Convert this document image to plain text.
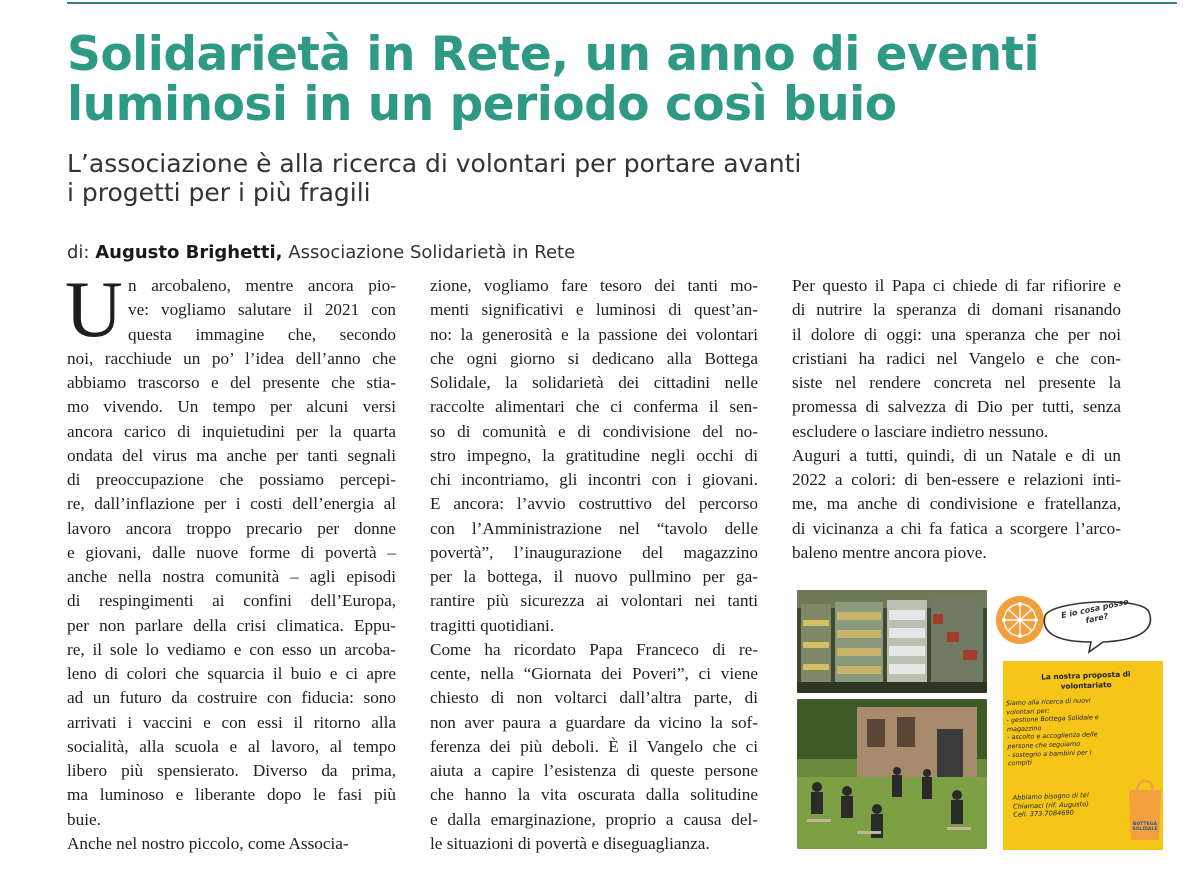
Solidarietà in Rete, un anno di eventi
luminosi in un periodo così buio
L’associazione è alla ricerca di volontari per portare avanti
i progetti per i più fragili
di: Augusto Brighetti, Associazione Solidarietà in Rete
U n arcobaleno, mentre ancora pio-
ve: vogliamo salutare il 2021 con
questa immagine che, secondo
noi, racchiude un po’ l’idea dell’anno che
abbiamo trascorso e del presente che stia-
mo vivendo. Un tempo per alcuni versi
ancora carico di inquietudini per la quarta
ondata del virus ma anche per tanti segnali
di preoccupazione che possiamo percepi-
re, dall’inflazione per i costi dell’energia al
lavoro ancora troppo precario per donne
e giovani, dalle nuove forme di povertà –
anche nella nostra comunità – agli episodi
di respingimenti ai confini dell’Europa,
per non parlare della crisi climatica. Eppu-
re, il sole lo vediamo e con esso un arcoba-
leno di colori che squarcia il buio e ci apre
ad un futuro da costruire con fiducia: sono
arrivati i vaccini e con essi il ritorno alla
socialità, alla scuola e al lavoro, al tempo
libero più spensierato. Diverso da prima,
ma luminoso e liberante dopo le fasi più
buie.
Anche nel nostro piccolo, come Associa-
zione, vogliamo fare tesoro dei tanti mo-
menti significativi e luminosi di quest’an-
no: la generosità e la passione dei volontari
che ogni giorno si dedicano alla Bottega
Solidale, la solidarietà dei cittadini nelle
raccolte alimentari che ci conferma il sen-
so di comunità e di condivisione del no-
stro impegno, la gratitudine negli occhi di
chi incontriamo, gli incontri con i giovani.
E ancora: l’avvio costruttivo del percorso
con l’Amministrazione nel “tavolo delle
povertà”, l’inaugurazione del magazzino
per la bottega, il nuovo pullmino per ga-
rantire più sicurezza ai volontari nei tanti
tragitti quotidiani.
Come ha ricordato Papa Franceco di re-
cente, nella “Giornata dei Poveri”, ci viene
chiesto di non voltarci dall’altra parte, di
non aver paura a guardare da vicino la sof-
ferenza dei più deboli. È il Vangelo che ci
aiuta a capire l’esistenza di queste persone
che hanno la vita oscurata dalla solitudine
e dalla emarginazione, proprio a causa del-
le situazioni di povertà e diseguaglianza.
Per questo il Papa ci chiede di far rifiorire e
di nutrire la speranza di domani risanando
il dolore di oggi: una speranza che per noi
cristiani ha radici nel Vangelo e che con-
siste nel rendere concreta nel presente la
promessa di salvezza di Dio per tutti, senza
escludere o lasciare indietro nessuno.
Auguri a tutti, quindi, di un Natale e di un
2022 a colori: di ben-essere e relazioni inti-
me, ma anche di condivisione e fratellanza,
di vicinanza a chi fa fatica a scorgere l’arco-
baleno mentre ancora piove.
E io cosa posso fare?
La nostra proposta di volontariato
Siamo alla ricerca di nuovi
volontari per:
- gestione Bottega Solidale e
magazzino
- ascolto e accoglienza delle
persone che seguiamo
- sostegno a bambini per i
compiti
Abbiamo bisogno di te!
Chiamaci (rif. Augusto)
Cell. 373.7084690
BOTTEGA SOLIDALE
